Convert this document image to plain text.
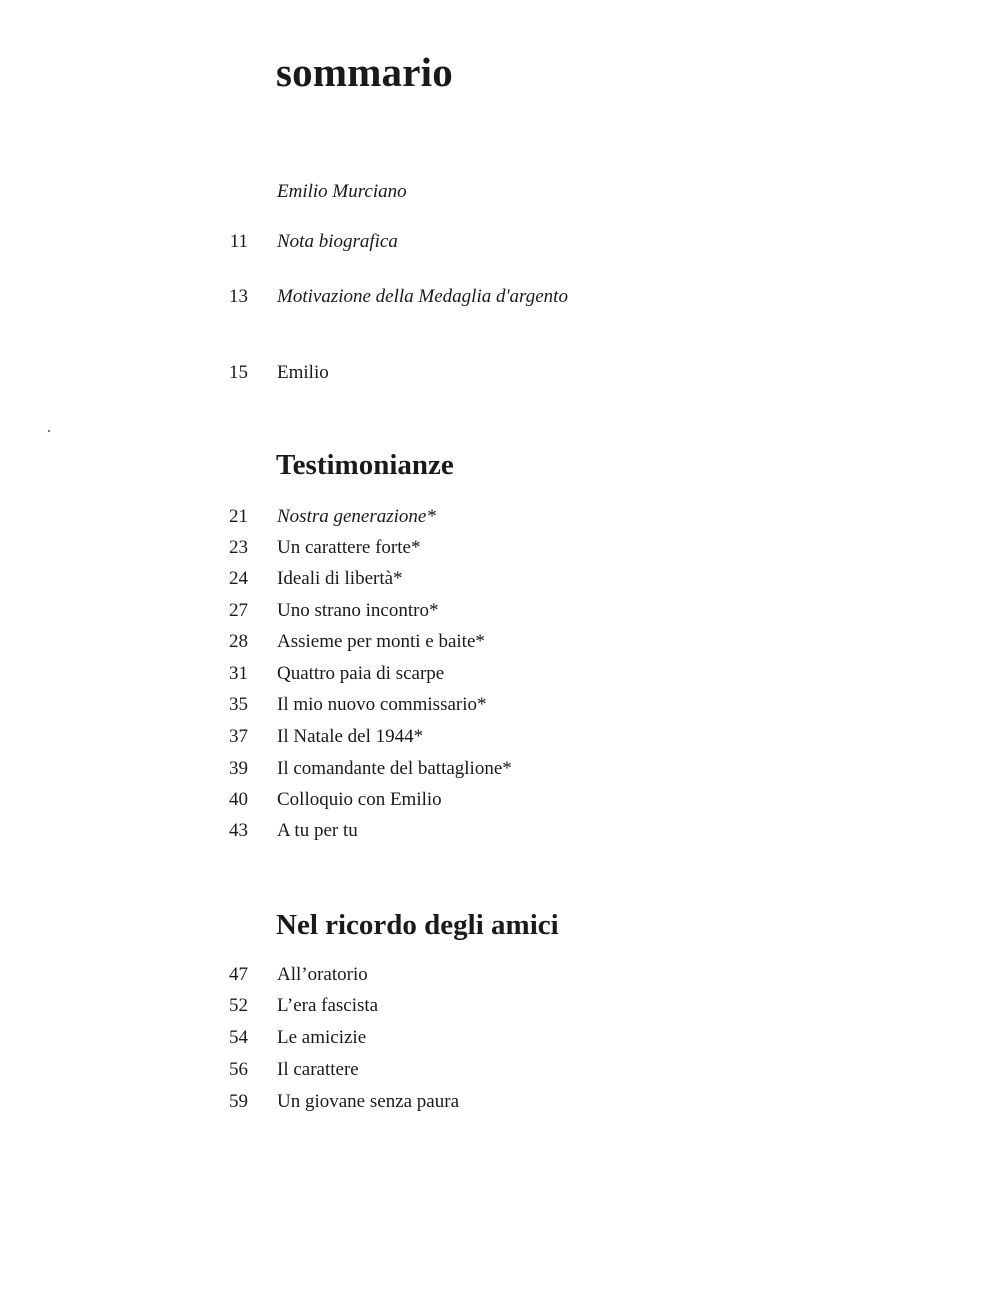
sommario
Emilio Murciano
11 Nota biografica
13 Motivazione della Medaglia d'argento
15 Emilio
Testimonianze
21 Nostra generazione*
23 Un carattere forte*
24 Ideali di libertà*
27 Uno strano incontro*
28 Assieme per monti e baite*
31 Quattro paia di scarpe
35 Il mio nuovo commissario*
37 Il Natale del 1944*
39 Il comandante del battaglione*
40 Colloquio con Emilio
43 A tu per tu
Nel ricordo degli amici
47 All’oratorio
52 L’era fascista
54 Le amicizie
56 Il carattere
59 Un giovane senza paura
